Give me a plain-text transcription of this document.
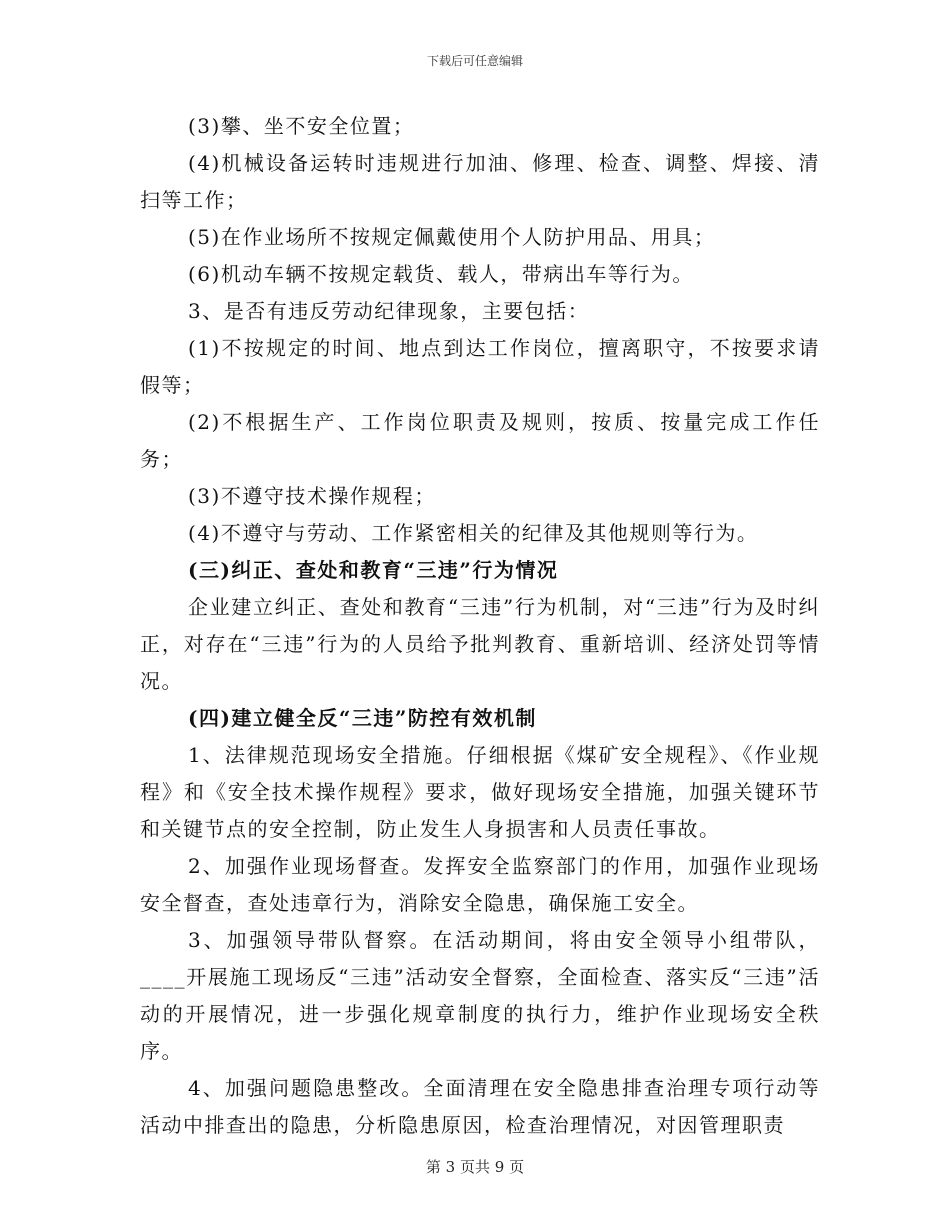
下载后可任意编辑

(3)攀、坐不安全位置；

(4)机械设备运转时违规进行加油、修理、检查、调整、焊接、清扫等工作；

(5)在作业场所不按规定佩戴使用个人防护用品、用具；

(6)机动车辆不按规定载货、载人，带病出车等行为。

3、是否有违反劳动纪律现象，主要包括：

(1)不按规定的时间、地点到达工作岗位，擅离职守，不按要求请假等；

(2)不根据生产、工作岗位职责及规则，按质、按量完成工作任务；

(3)不遵守技术操作规程；

(4)不遵守与劳动、工作紧密相关的纪律及其他规则等行为。

(三)纠正、查处和教育“三违”行为情况

企业建立纠正、查处和教育“三违”行为机制，对“三违”行为及时纠正，对存在“三违”行为的人员给予批判教育、重新培训、经济处罚等情况。

(四)建立健全反“三违”防控有效机制

1、法律规范现场安全措施。仔细根据《煤矿安全规程》、《作业规程》和《安全技术操作规程》要求，做好现场安全措施，加强关键环节和关键节点的安全控制，防止发生人身损害和人员责任事故。

2、加强作业现场督查。发挥安全监察部门的作用，加强作业现场安全督查，查处违章行为，消除安全隐患，确保施工安全。

3、加强领导带队督察。在活动期间，将由安全领导小组带队，____开展施工现场反“三违”活动安全督察，全面检查、落实反“三违”活动的开展情况，进一步强化规章制度的执行力，维护作业现场安全秩序。

4、加强问题隐患整改。全面清理在安全隐患排查治理专项行动等活动中排查出的隐患，分析隐患原因，检查治理情况，对因管理职责

第 3 页共 9 页
